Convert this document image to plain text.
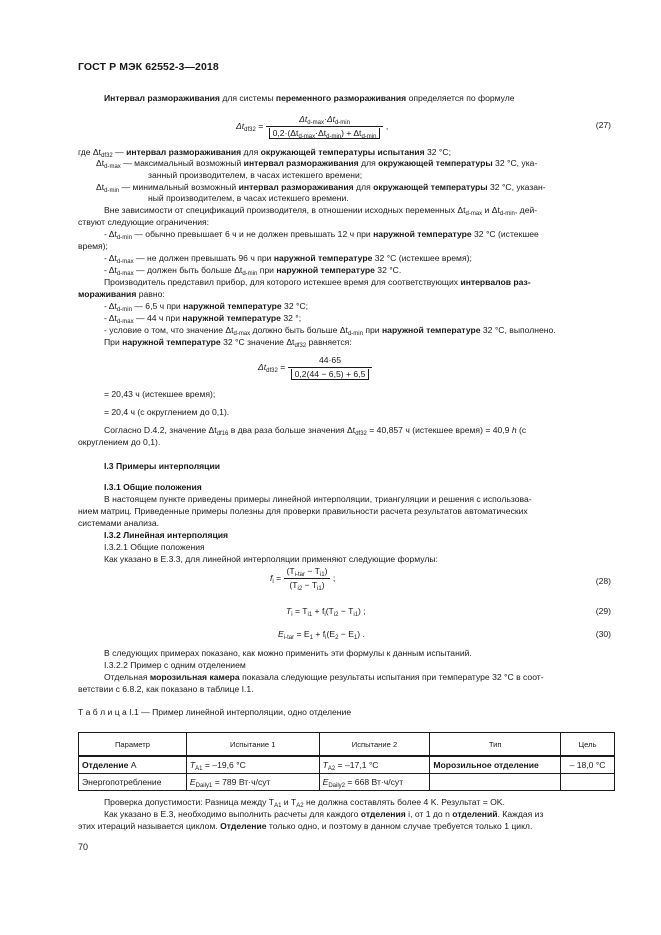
ГОСТ Р МЭК 62552-3—2018
Интервал размораживания для системы переменного размораживания определяется по формуле
$\Delta t_{df32} = \frac{\Delta t_{d-max}\cdot\Delta t_{d-min}}{0,2\cdot(\Delta t_{d-max}\cdot\Delta t_{d-min}) + \Delta t_{d-min}}$ ,	(27)
где $\Delta t_{df32}$ — интервал размораживания для окружающей температуры испытания 32 °C;
$\Delta t_{d-max}$ — максимальный возможный интервал размораживания для окружающей температуры 32 °C, ука-
занный производителем, в часах истекшего времени;
$\Delta t_{d-min}$ — минимальный возможный интервал размораживания для окружающей температуры 32 °C, указан-
ный производителем, в часах истекшего времени.
Вне зависимости от спецификаций производителя, в отношении исходных переменных $\Delta t_{d-max}$ и $\Delta t_{d-min}$, дей-
ствуют следующие ограничения:
- $\Delta t_{d-min}$ — обычно превышает 6 ч и не должен превышать 12 ч при наружной температуре 32 °C (истекшее
время);
- $\Delta t_{d-max}$ — не должен превышать 96 ч при наружной температуре 32 °C (истекшее время);
- $\Delta t_{d-max}$ — должен быть больше $\Delta t_{d-min}$ при наружной температуре 32 °C.
Производитель представил прибор, для которого истекшее время для соответствующих интервалов раз-
мораживания равно:
- $\Delta t_{d-min}$ — 6,5 ч при наружной температуре 32 °C;
- $\Delta t_{d-max}$ — 44 ч при наружной температуре 32 °;
- условие о том, что значение $\Delta t_{d-max}$ должно быть больше $\Delta t_{d-min}$ при наружной температуре 32 °C, выполнено.
При наружной температуре 32 °C значение $\Delta t_{df32}$ равняется:
$\Delta t_{df32} = \frac{44\cdot 65}{0,2(44 - 6,5) + 6,5}$
= 20,43 ч (истекшее время);
= 20,4 ч (с округлением до 0,1).
Согласно D.4.2, значение $\Delta t_{df16}$ в два раза больше значения $\Delta t_{df32} = 40,857$ ч (истекшее время) = 40,9 h (с
округлением до 0,1).
I.3 Примеры интерполяции
I.3.1 Общие положения
В настоящем пункте приведены примеры линейной интерполяции, триангуляции и решения с использова-
нием матриц. Приведенные примеры полезны для проверки правильности расчета результатов автоматических
системами анализа.
I.3.2 Линейная интерполяция
I.3.2.1 Общие положения
Как указано в Е.3.3, для линейной интерполяции применяют следующие формулы:
$f_i = \frac{(T_{i-tar} - T_{i1})}{(T_{i2} - T_{i1})}$ ;	(28)
$T_i = T_{i1} + f_i(T_{i2} - T_{i1})$ ;	(29)
$E_{i-tar} = E_1 + f_i(E_2 - E_1)$ .	(30)
В следующих примерах показано, как можно применить эти формулы к данным испытаний.
I.3.2.2 Пример с одним отделением
Отдельная морозильная камера показала следующие результаты испытания при температуре 32 °C в соот-
ветствии с 6.8.2, как показано в таблице I.1.
Т а б л и ц а I.1 — Пример линейной интерполяции, одно отделение
Параметр	Испытание 1	Испытание 2	Тип	Цель
Отделение А	$T_{A1} = -19,6$ °C	$T_{A2} = -17,1$ °C	Морозильное отделение	– 18,0 °C
Энергопотребление	$E_{Daily1} = 789$ Вт·ч/сут	$E_{Daily2} = 668$ Вт·ч/сут		
Проверка допустимости: Разница между $T_{A1}$ и $T_{A2}$ не должна составлять более 4 K. Результат = OK.
Как указано в Е.3, необходимо выполнить расчеты для каждого отделения i, от 1 до n отделений. Каждая из
этих итераций называется циклом. Отделение только одно, и поэтому в данном случае требуется только 1 цикл.
70
